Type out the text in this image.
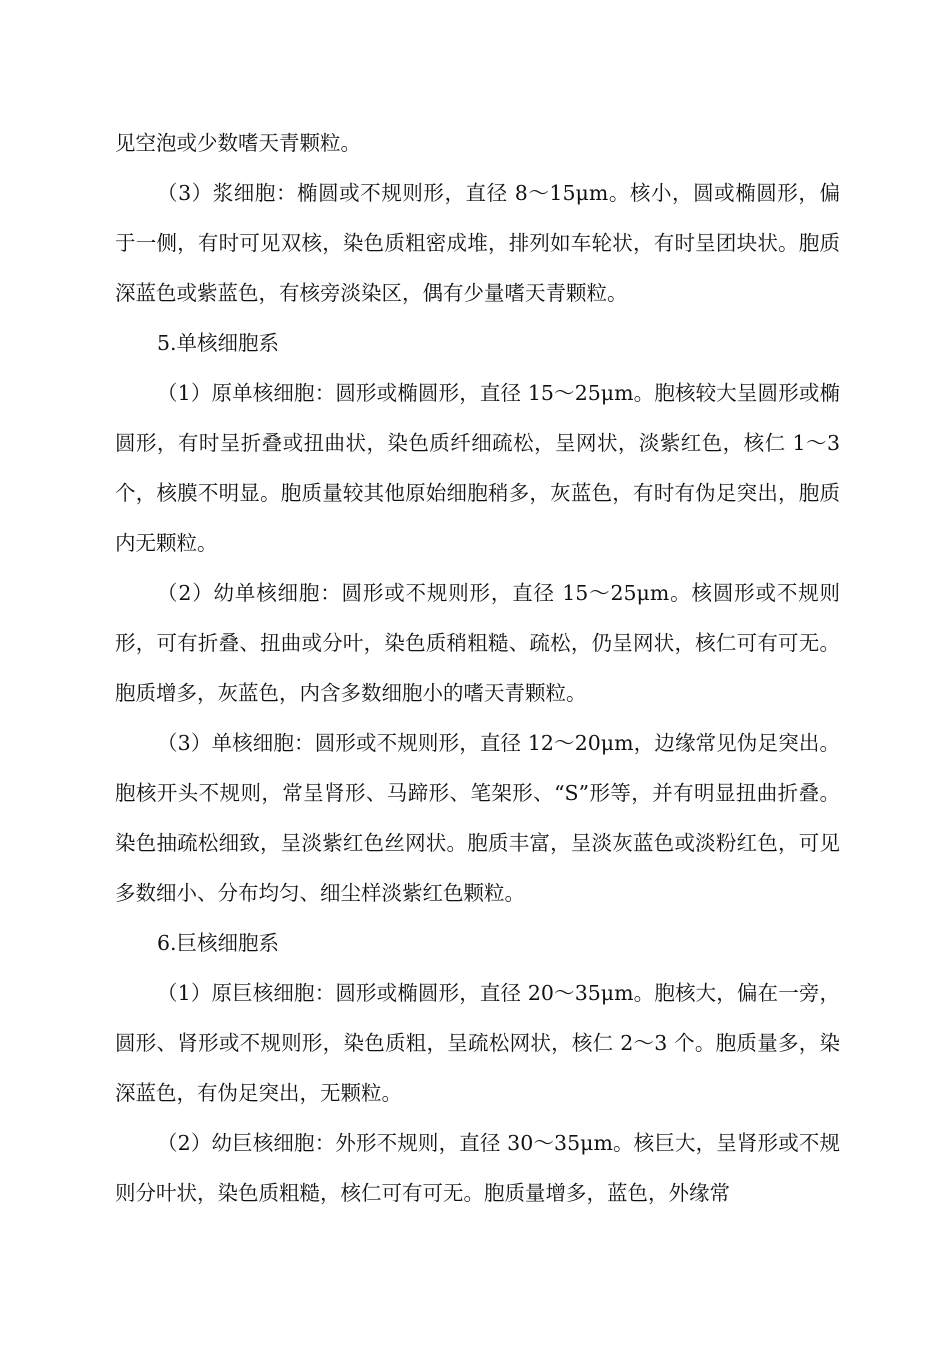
见空泡或少数嗜天青颗粒。

（3）浆细胞：椭圆或不规则形，直径 8～15μm。核小，圆或椭圆形，偏于一侧，有时可见双核，染色质粗密成堆，排列如车轮状，有时呈团块状。胞质深蓝色或紫蓝色，有核旁淡染区，偶有少量嗜天青颗粒。

5.单核细胞系

（1）原单核细胞：圆形或椭圆形，直径 15～25μm。胞核较大呈圆形或椭圆形，有时呈折叠或扭曲状，染色质纤细疏松，呈网状，淡紫红色，核仁 1～3 个，核膜不明显。胞质量较其他原始细胞稍多，灰蓝色，有时有伪足突出，胞质内无颗粒。

（2）幼单核细胞：圆形或不规则形，直径 15～25μm。核圆形或不规则形，可有折叠、扭曲或分叶，染色质稍粗糙、疏松，仍呈网状，核仁可有可无。胞质增多，灰蓝色，内含多数细胞小的嗜天青颗粒。

（3）单核细胞：圆形或不规则形，直径 12～20μm，边缘常见伪足突出。胞核开头不规则，常呈肾形、马蹄形、笔架形、“S”形等，并有明显扭曲折叠。染色抽疏松细致，呈淡紫红色丝网状。胞质丰富，呈淡灰蓝色或淡粉红色，可见多数细小、分布均匀、细尘样淡紫红色颗粒。

6.巨核细胞系

（1）原巨核细胞：圆形或椭圆形，直径 20～35μm。胞核大，偏在一旁，圆形、肾形或不规则形，染色质粗，呈疏松网状，核仁 2～3 个。胞质量多，染深蓝色，有伪足突出，无颗粒。

（2）幼巨核细胞：外形不规则，直径 30～35μm。核巨大，呈肾形或不规则分叶状，染色质粗糙，核仁可有可无。胞质量增多，蓝色，外缘常
